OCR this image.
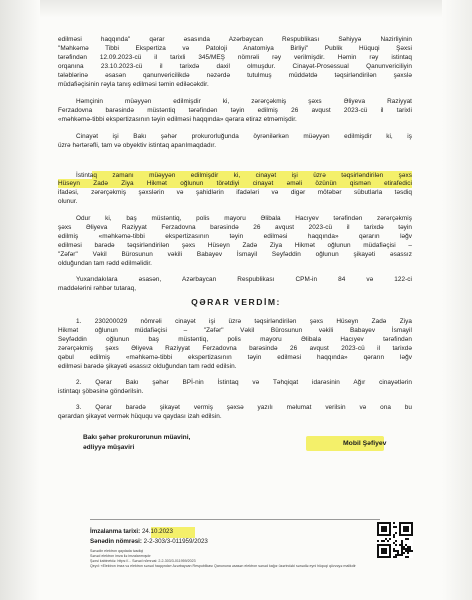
edilməsi haqqında" qərar əsasında Azərbaycan Respublikası Səhiyyə Nazirliyinin
"Məhkəmə Tibbi Ekspertiza və Patoloji Anatomiya Birliyi" Publik Hüquqi Şəxsi
tərəfindən 12.09.2023-cü il tarixli 345/MEŞ nömrəli rəy verilmişdir. Həmin rəy istintaq
orqanına 23.10.2023-cü il tarixdə daxil olmuşdur. Cinayət-Prosessual Qanunvericiliyin
tələblərinə əsasən qanunvericilikdə nəzərdə tutulmuş müddətdə təqsirləndirilən şəxslə
müdafiəçisinin rəyla tanış edilməsi təmin ediləcəkdir.
Həmçinin müəyyən edilmişdir ki, zərərçəkmiş şəxs Əliyeva Raziyyat
Ferzadovna barəsində müstəntiq tərəfindən təyin edilmiş 26 avqust 2023-cü il tarixli
«məhkəmə-tibbi ekspertizasının təyin edilməsi haqqında» qərara etiraz etməmişdir.
Cinayət işi Bakı şəhər prokurorluğunda öyrənilərkən müəyyən edilmişdir ki, iş
üzrə hərtərəfli, tam və obyektiv istintaq aparılmaqdadır.
İstintaq zamanı müəyyən edilmişdir ki, cinayət işi üzrə təqsirləndirilən şəxs
Hüseyn Zadə Ziya Hikmət oğlunun törətdiyi cinayət əməli özünün qismən etirafedici
ifadəsi, zərərçəkmiş şəxslərin və şahidlərin ifadələri və digər mötəbər sübutlarla təsdiq
olunur.
Odur ki, baş müstəntiq, polis mayoru Əlibala Hacıyev tərəfindən zərərçəkmiş
şəxs Əliyeva Raziyyat Ferzadovna barəsində 26 avqust 2023-cü il tarixdə təyin
edilmiş «məhkəmə-tibbi ekspertizasının təyin edilməsi haqqında» qərarın ləğv
edilməsi barədə təqsirləndirilən şəxs Hüseyn Zadə Ziya Hikmət oğlunun müdafiəçisi –
"Zəfər" Vəkil Bürosunun vəkili Babayev İsmayil Seyfəddin oğlunun şikayəti əsassız
olduğundan tam rədd edilməlidir.
Yuxarıdakılara əsasən, Azərbaycan Respublikası CPM-in 84 və 122-ci
maddələrini rəhbər tutaraq,
QƏRAR VERDİM:
1. 230200029 nömrəli cinayət işi üzrə təqsirləndirilən şəxs Hüseyn Zadə Ziya
Hikmət oğlunun müdafiəçisi – "Zəfər" Vəkil Bürosunun vəkili Babayev İsmayil
Seyfəddin oğlunun baş müstəntiq, polis mayoru Əlibala Hacıyev tərəfindən
zərərçəkmiş şəxs Əliyeva Raziyyat Ferzadovna barəsində 26 avqust 2023-cü il tarixdə
qəbul edilmiş «məhkəmə-tibbi ekspertizasının təyin edilməsi haqqında» qərarın ləğv
edilməsi barədə şikayəti əsassız olduğundan tam rədd edilsin.
2. Qərar Bakı şəhər BPİ-nin İstintaq və Təhqiqat idarəsinin Ağır cinayətlərin
istintaqı şöbəsinə göndərilsin.
3. Qərar barədə şikayət vermiş şəxsə yazılı məlumat verilsin və ona bu
qərardan şikayət vermək hüququ və qaydası izah edilsin.
Bakı şəhər prokurorunun müavini,
ədliyyə müşaviri
Mobil Şəfiyev
İmzalanma tarixi: 24.10.2023
Sənədin nömrəsi: 2-2-303/3-011959/2023
Sənədin elektron qaydada təsdiqi
Sənəd elektron imza ilə imzalanmışdır
Şəxsi kabinetdə: https://... Sənəd nömrəsi: 2-2-303/3-011959/2023
Qeyd: «Elektron imza və elektron sənəd haqqında» Azərbaycan Respublikası Qanununa əsasən elektron sənəd kağız üzərindəki sənədlə eyni hüquqi qüvvəyə malikdir
